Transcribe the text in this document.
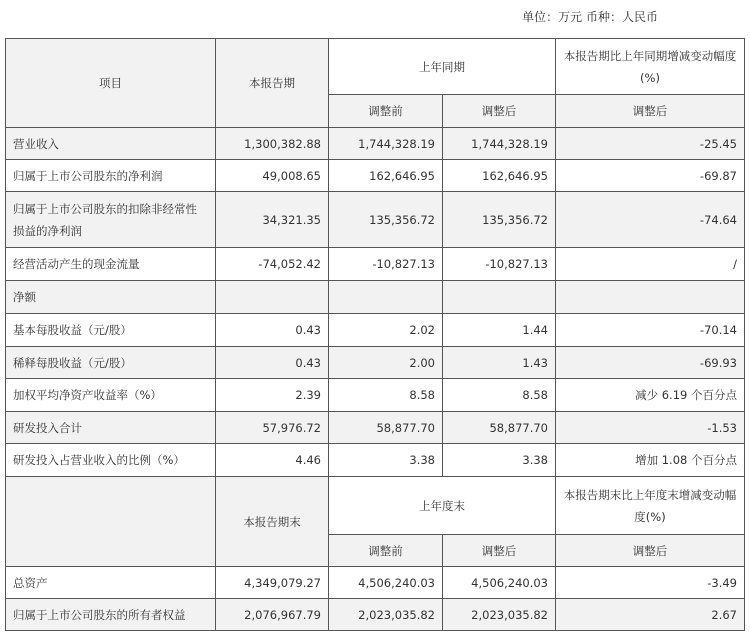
单位：万元 币种：人民币
项目	本报告期	上年同期		本报告期比上年同期增减变动幅度(%)
		调整前	调整后	调整后
营业收入	1,300,382.88	1,744,328.19	1,744,328.19	-25.45
归属于上市公司股东的净利润	49,008.65	162,646.95	162,646.95	-69.87
归属于上市公司股东的扣除非经常性损益的净利润	34,321.35	135,356.72	135,356.72	-74.64
经营活动产生的现金流量	-74,052.42	-10,827.13	-10,827.13	/
净额				
基本每股收益（元/股）	0.43	2.02	1.44	-70.14
稀释每股收益（元/股）	0.43	2.00	1.43	-69.93
加权平均净资产收益率（%）	2.39	8.58	8.58	减少 6.19 个百分点
研发投入合计	57,976.72	58,877.70	58,877.70	-1.53
研发投入占营业收入的比例（%）	4.46	3.38	3.38	增加 1.08 个百分点
	本报告期末	上年度末		本报告期末比上年度末增减变动幅度(%)
		调整前	调整后	调整后
总资产	4,349,079.27	4,506,240.03	4,506,240.03	-3.49
归属于上市公司股东的所有者权益	2,076,967.79	2,023,035.82	2,023,035.82	2.67
